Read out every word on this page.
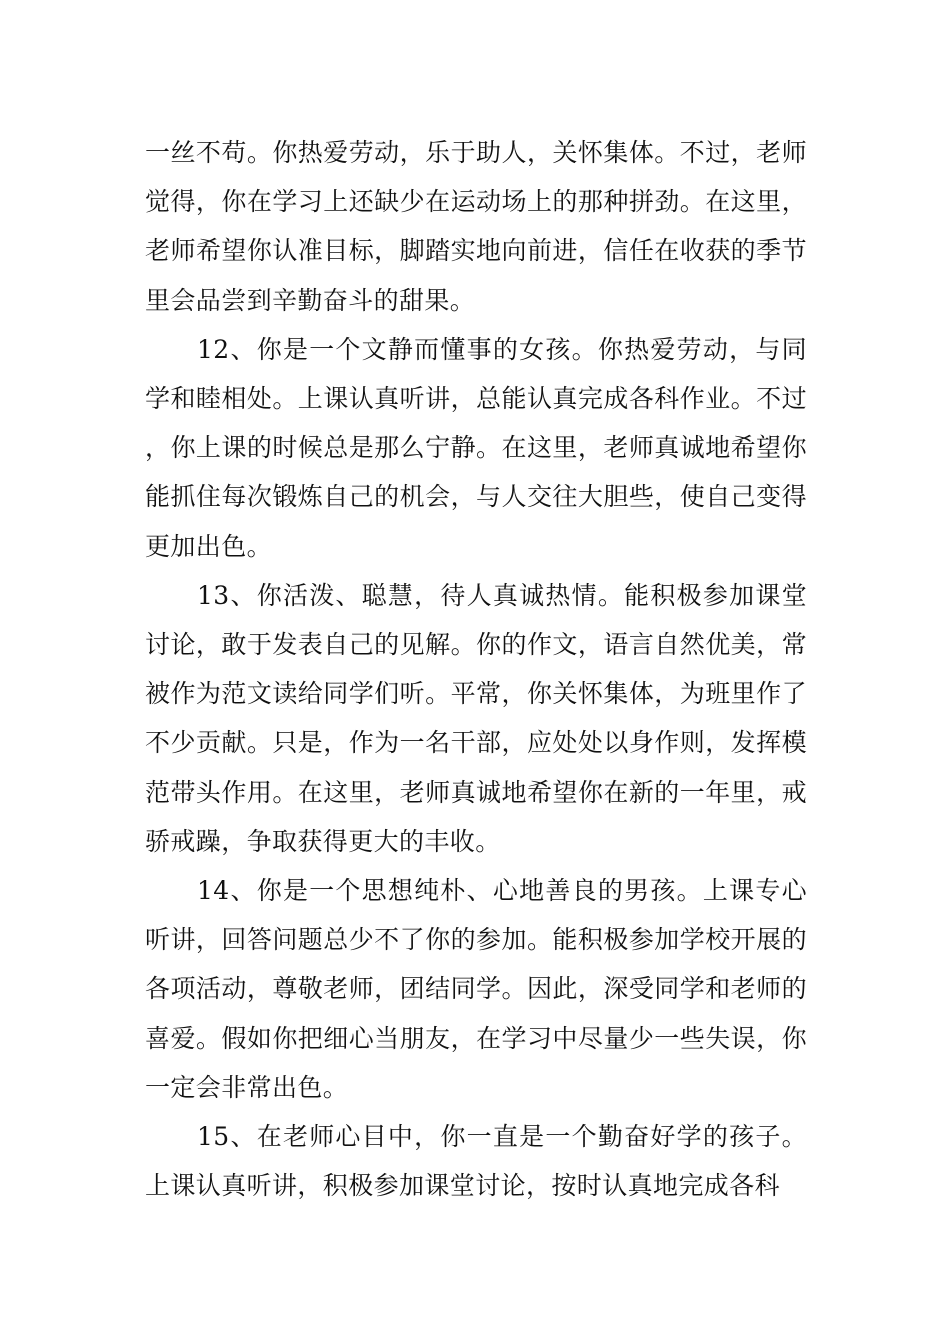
一丝不苟。你热爱劳动，乐于助人，关怀集体。不过，老师觉得，你在学习上还缺少在运动场上的那种拼劲。在这里，老师希望你认准目标，脚踏实地向前进，信任在收获的季节里会品尝到辛勤奋斗的甜果。

12、你是一个文静而懂事的女孩。你热爱劳动，与同学和睦相处。上课认真听讲，总能认真完成各科作业。不过，你上课的时候总是那么宁静。在这里，老师真诚地希望你能抓住每次锻炼自己的机会，与人交往大胆些，使自己变得更加出色。

13、你活泼、聪慧，待人真诚热情。能积极参加课堂讨论，敢于发表自己的见解。你的作文，语言自然优美，常被作为范文读给同学们听。平常，你关怀集体，为班里作了不少贡献。只是，作为一名干部，应处处以身作则，发挥模范带头作用。在这里，老师真诚地希望你在新的一年里，戒骄戒躁，争取获得更大的丰收。

14、你是一个思想纯朴、心地善良的男孩。上课专心听讲，回答问题总少不了你的参加。能积极参加学校开展的各项活动，尊敬老师，团结同学。因此，深受同学和老师的喜爱。假如你把细心当朋友，在学习中尽量少一些失误，你一定会非常出色。

15、在老师心目中，你一直是一个勤奋好学的孩子。上课认真听讲，积极参加课堂讨论，按时认真地完成各科
